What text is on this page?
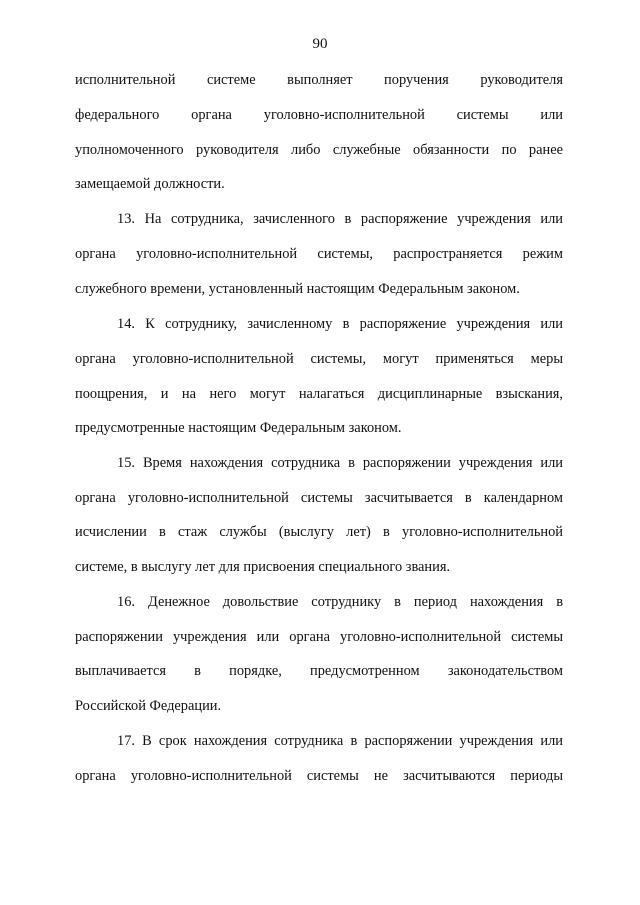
90
исполнительной системе выполняет поручения руководителя
федерального органа уголовно-исполнительной системы или
уполномоченного руководителя либо служебные обязанности по ранее
замещаемой должности.
13. На сотрудника, зачисленного в распоряжение учреждения или
органа уголовно-исполнительной системы, распространяется режим
служебного времени, установленный настоящим Федеральным законом.
14. К сотруднику, зачисленному в распоряжение учреждения или
органа уголовно-исполнительной системы, могут применяться меры
поощрения, и на него могут налагаться дисциплинарные взыскания,
предусмотренные настоящим Федеральным законом.
15. Время нахождения сотрудника в распоряжении учреждения или
органа уголовно-исполнительной системы засчитывается в календарном
исчислении в стаж службы (выслугу лет) в уголовно-исполнительной
системе, в выслугу лет для присвоения специального звания.
16. Денежное довольствие сотруднику в период нахождения в
распоряжении учреждения или органа уголовно-исполнительной системы
выплачивается в порядке, предусмотренном законодательством
Российской Федерации.
17. В срок нахождения сотрудника в распоряжении учреждения или
органа уголовно-исполнительной системы не засчитываются периоды
